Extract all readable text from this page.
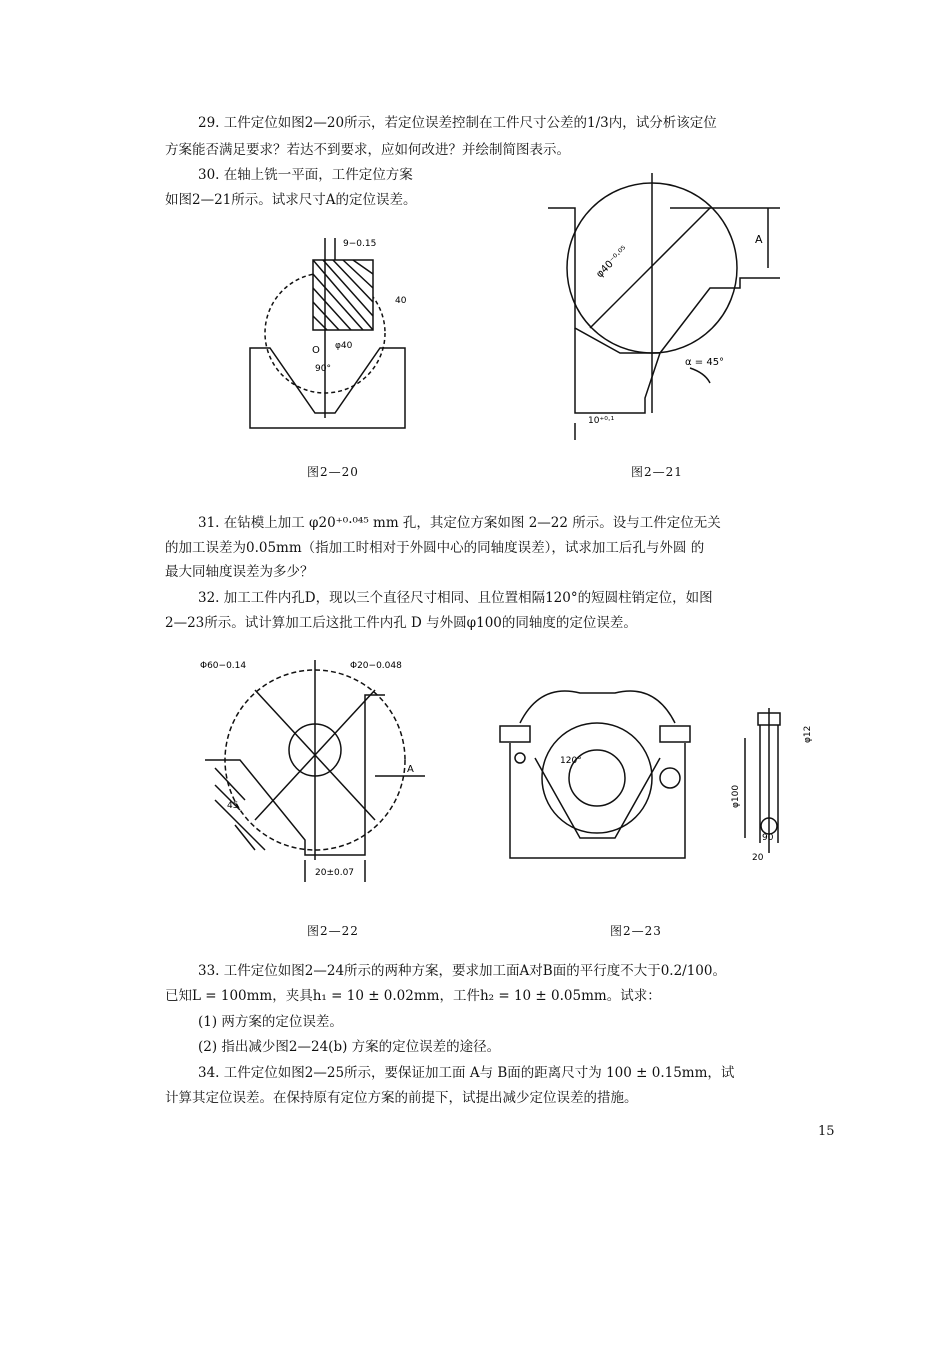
29. 工件定位如图2—20所示，若定位误差控制在工件尺寸公差的1/3内，试分析该定位
方案能否满足要求？若达不到要求，应如何改进？并绘制简图表示。
30. 在轴上铣一平面，工件定位方案
如图2—21所示。试求尺寸A的定位误差。
9−0.15
40
φ40
O
90°
图2—20
φ40⁻⁰·⁰⁵
A
α = 45°
10⁺⁰·¹
图2—21
31. 在钻模上加工 φ20⁺⁰·⁰⁴⁵ mm 孔，其定位方案如图 2—22 所示。设与工件定位无关
的加工误差为0.05mm（指加工时相对于外圆中心的同轴度误差），试求加工后孔与外圆 的
最大同轴度误差为多少？
32. 加工工件内孔D，现以三个直径尺寸相同、且位置相隔120°的短圆柱销定位，如图
2—23所示。试计算加工后这批工件内孔 D 与外圆φ100的同轴度的定位误差。
Φ60−0.14	Φ20−0.048
A
45
20±0.07
图2—22
120°
φ100
φ12
90
20
图2—23
33. 工件定位如图2—24所示的两种方案，要求加工面A对B面的平行度不大于0.2/100。
已知L = 100mm，夹具h₁ = 10 ± 0.02mm，工件h₂ = 10 ± 0.05mm。试求：
(1) 两方案的定位误差。
(2) 指出减少图2—24(b) 方案的定位误差的途径。
34. 工件定位如图2—25所示，要保证加工面 A与 B面的距离尺寸为 100 ± 0.15mm，试
计算其定位误差。在保持原有定位方案的前提下，试提出减少定位误差的措施。
15
